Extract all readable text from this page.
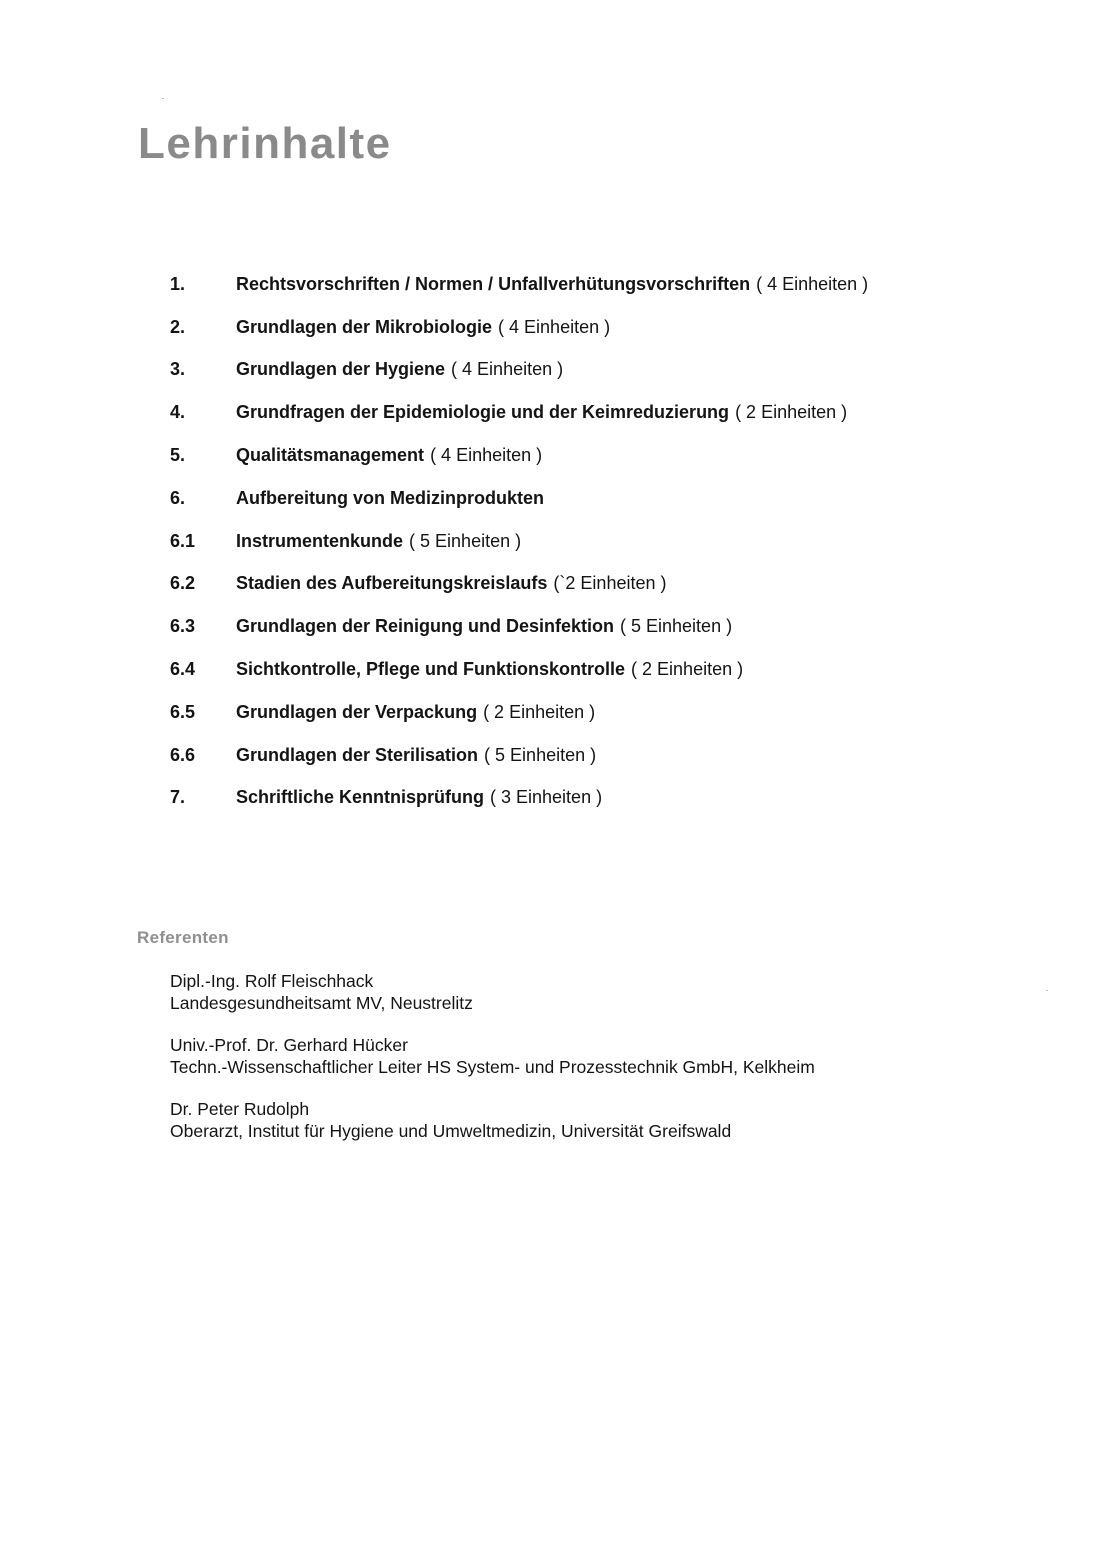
Lehrinhalte
1.	Rechtsvorschriften / Normen / Unfallverhütungsvorschriften ( 4 Einheiten )
2.	Grundlagen der Mikrobiologie ( 4 Einheiten )
3.	Grundlagen der Hygiene ( 4 Einheiten )
4.	Grundfragen der Epidemiologie und der Keimreduzierung ( 2 Einheiten )
5.	Qualitätsmanagement ( 4 Einheiten )
6.	Aufbereitung von Medizinprodukten
6.1	Instrumentenkunde ( 5 Einheiten )
6.2	Stadien des Aufbereitungskreislaufs (`2 Einheiten )
6.3	Grundlagen der Reinigung und Desinfektion ( 5 Einheiten )
6.4	Sichtkontrolle, Pflege und Funktionskontrolle ( 2 Einheiten )
6.5	Grundlagen der Verpackung ( 2 Einheiten )
6.6	Grundlagen der Sterilisation ( 5 Einheiten )
7.	Schriftliche Kenntnisprüfung ( 3 Einheiten )
Referenten
Dipl.-Ing. Rolf Fleischhack
Landesgesundheitsamt MV, Neustrelitz
Univ.-Prof. Dr. Gerhard Hücker
Techn.-Wissenschaftlicher Leiter HS System- und Prozesstechnik GmbH, Kelkheim
Dr. Peter Rudolph
Oberarzt, Institut für Hygiene und Umweltmedizin, Universität Greifswald
